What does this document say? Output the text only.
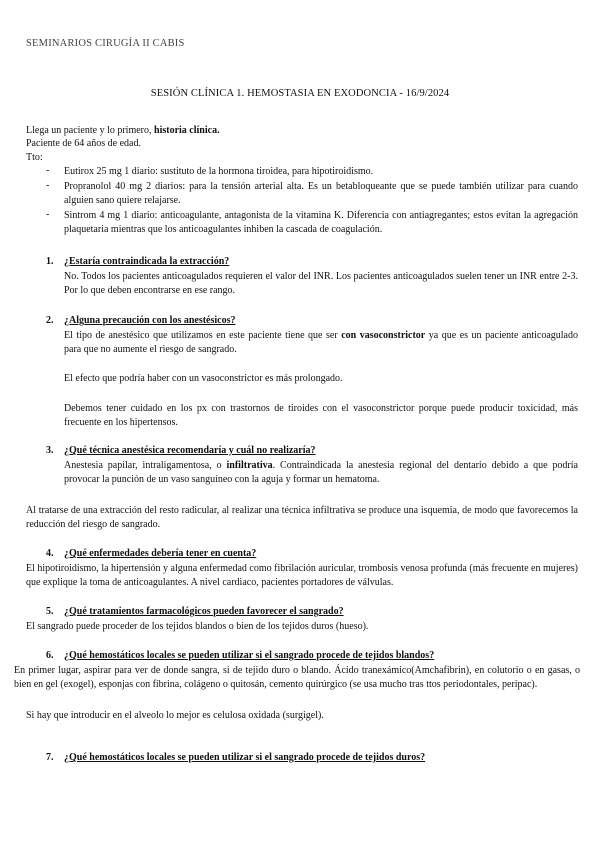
SEMINARIOS CIRUGÍA II CABIS
SESIÓN CLÍNICA 1. HEMOSTASIA EN EXODONCIA - 16/9/2024
Llega un paciente y lo primero, historia clínica.
Paciente de 64 años de edad.
Tto:
- Eutirox 25 mg 1 diario: sustituto de la hormona tiroidea, para hipotiroidismo.
- Propranolol 40 mg 2 diarios: para la tensión arterial alta. Es un betabloqueante que se puede también utilizar para cuando alguien sano quiere relajarse.
- Sintrom 4 mg 1 diario: anticoagulante, antagonista de la vitamina K. Diferencia con antiagregantes; estos evitan la agregación plaquetaria mientras que los anticoagulantes inhiben la cascada de coagulación.
1. ¿Estaría contraindicada la extracción?
No. Todos los pacientes anticoagulados requieren el valor del INR. Los pacientes anticoagulados suelen tener un INR entre 2-3. Por lo que deben encontrarse en ese rango.
2. ¿Alguna precaución con los anestésicos?
El tipo de anestésico que utilizamos en este paciente tiene que ser con vasoconstrictor ya que es un paciente anticoagulado para que no aumente el riesgo de sangrado.
El efecto que podría haber con un vasoconstrictor es más prolongado.
Debemos tener cuidado en los px con trastornos de tiroides con el vasoconstrictor porque puede producir toxicidad, más frecuente en los hipertensos.
3. ¿Qué técnica anestésica recomendaría y cuál no realizaría?
Anestesia papilar, intraligamentosa, o infiltrativa. Contraindicada la anestesia regional del dentario debido a que podría provocar la punción de un vaso sanguíneo con la aguja y formar un hematoma.
Al tratarse de una extracción del resto radicular, al realizar una técnica infiltrativa se produce una isquemia, de modo que favorecemos la reducción del riesgo de sangrado.
4. ¿Qué enfermedades debería tener en cuenta?
El hipotiroidismo, la hipertensión y alguna enfermedad como fibrilación auricular, trombosis venosa profunda (más frecuente en mujeres) que explique la toma de anticoagulantes. A nivel cardiaco, pacientes portadores de válvulas.
5. ¿Qué tratamientos farmacológicos pueden favorecer el sangrado?
El sangrado puede proceder de los tejidos blandos o bien de los tejidos duros (hueso).
6. ¿Qué hemostáticos locales se pueden utilizar si el sangrado procede de tejidos blandos?
En primer lugar, aspirar para ver de donde sangra, si de tejido duro o blando. Ácido tranexámico(Amchafibrin), en colutorio o en gasas, o bien en gel (exogel), esponjas con fibrina, colágeno o quitosán, cemento quirúrgico (se usa mucho tras ttos periodontales, peripac).
Si hay que introducir en el alveolo lo mejor es celulosa oxidada (surgigel).
7. ¿Qué hemostáticos locales se pueden utilizar si el sangrado procede de tejidos duros?
